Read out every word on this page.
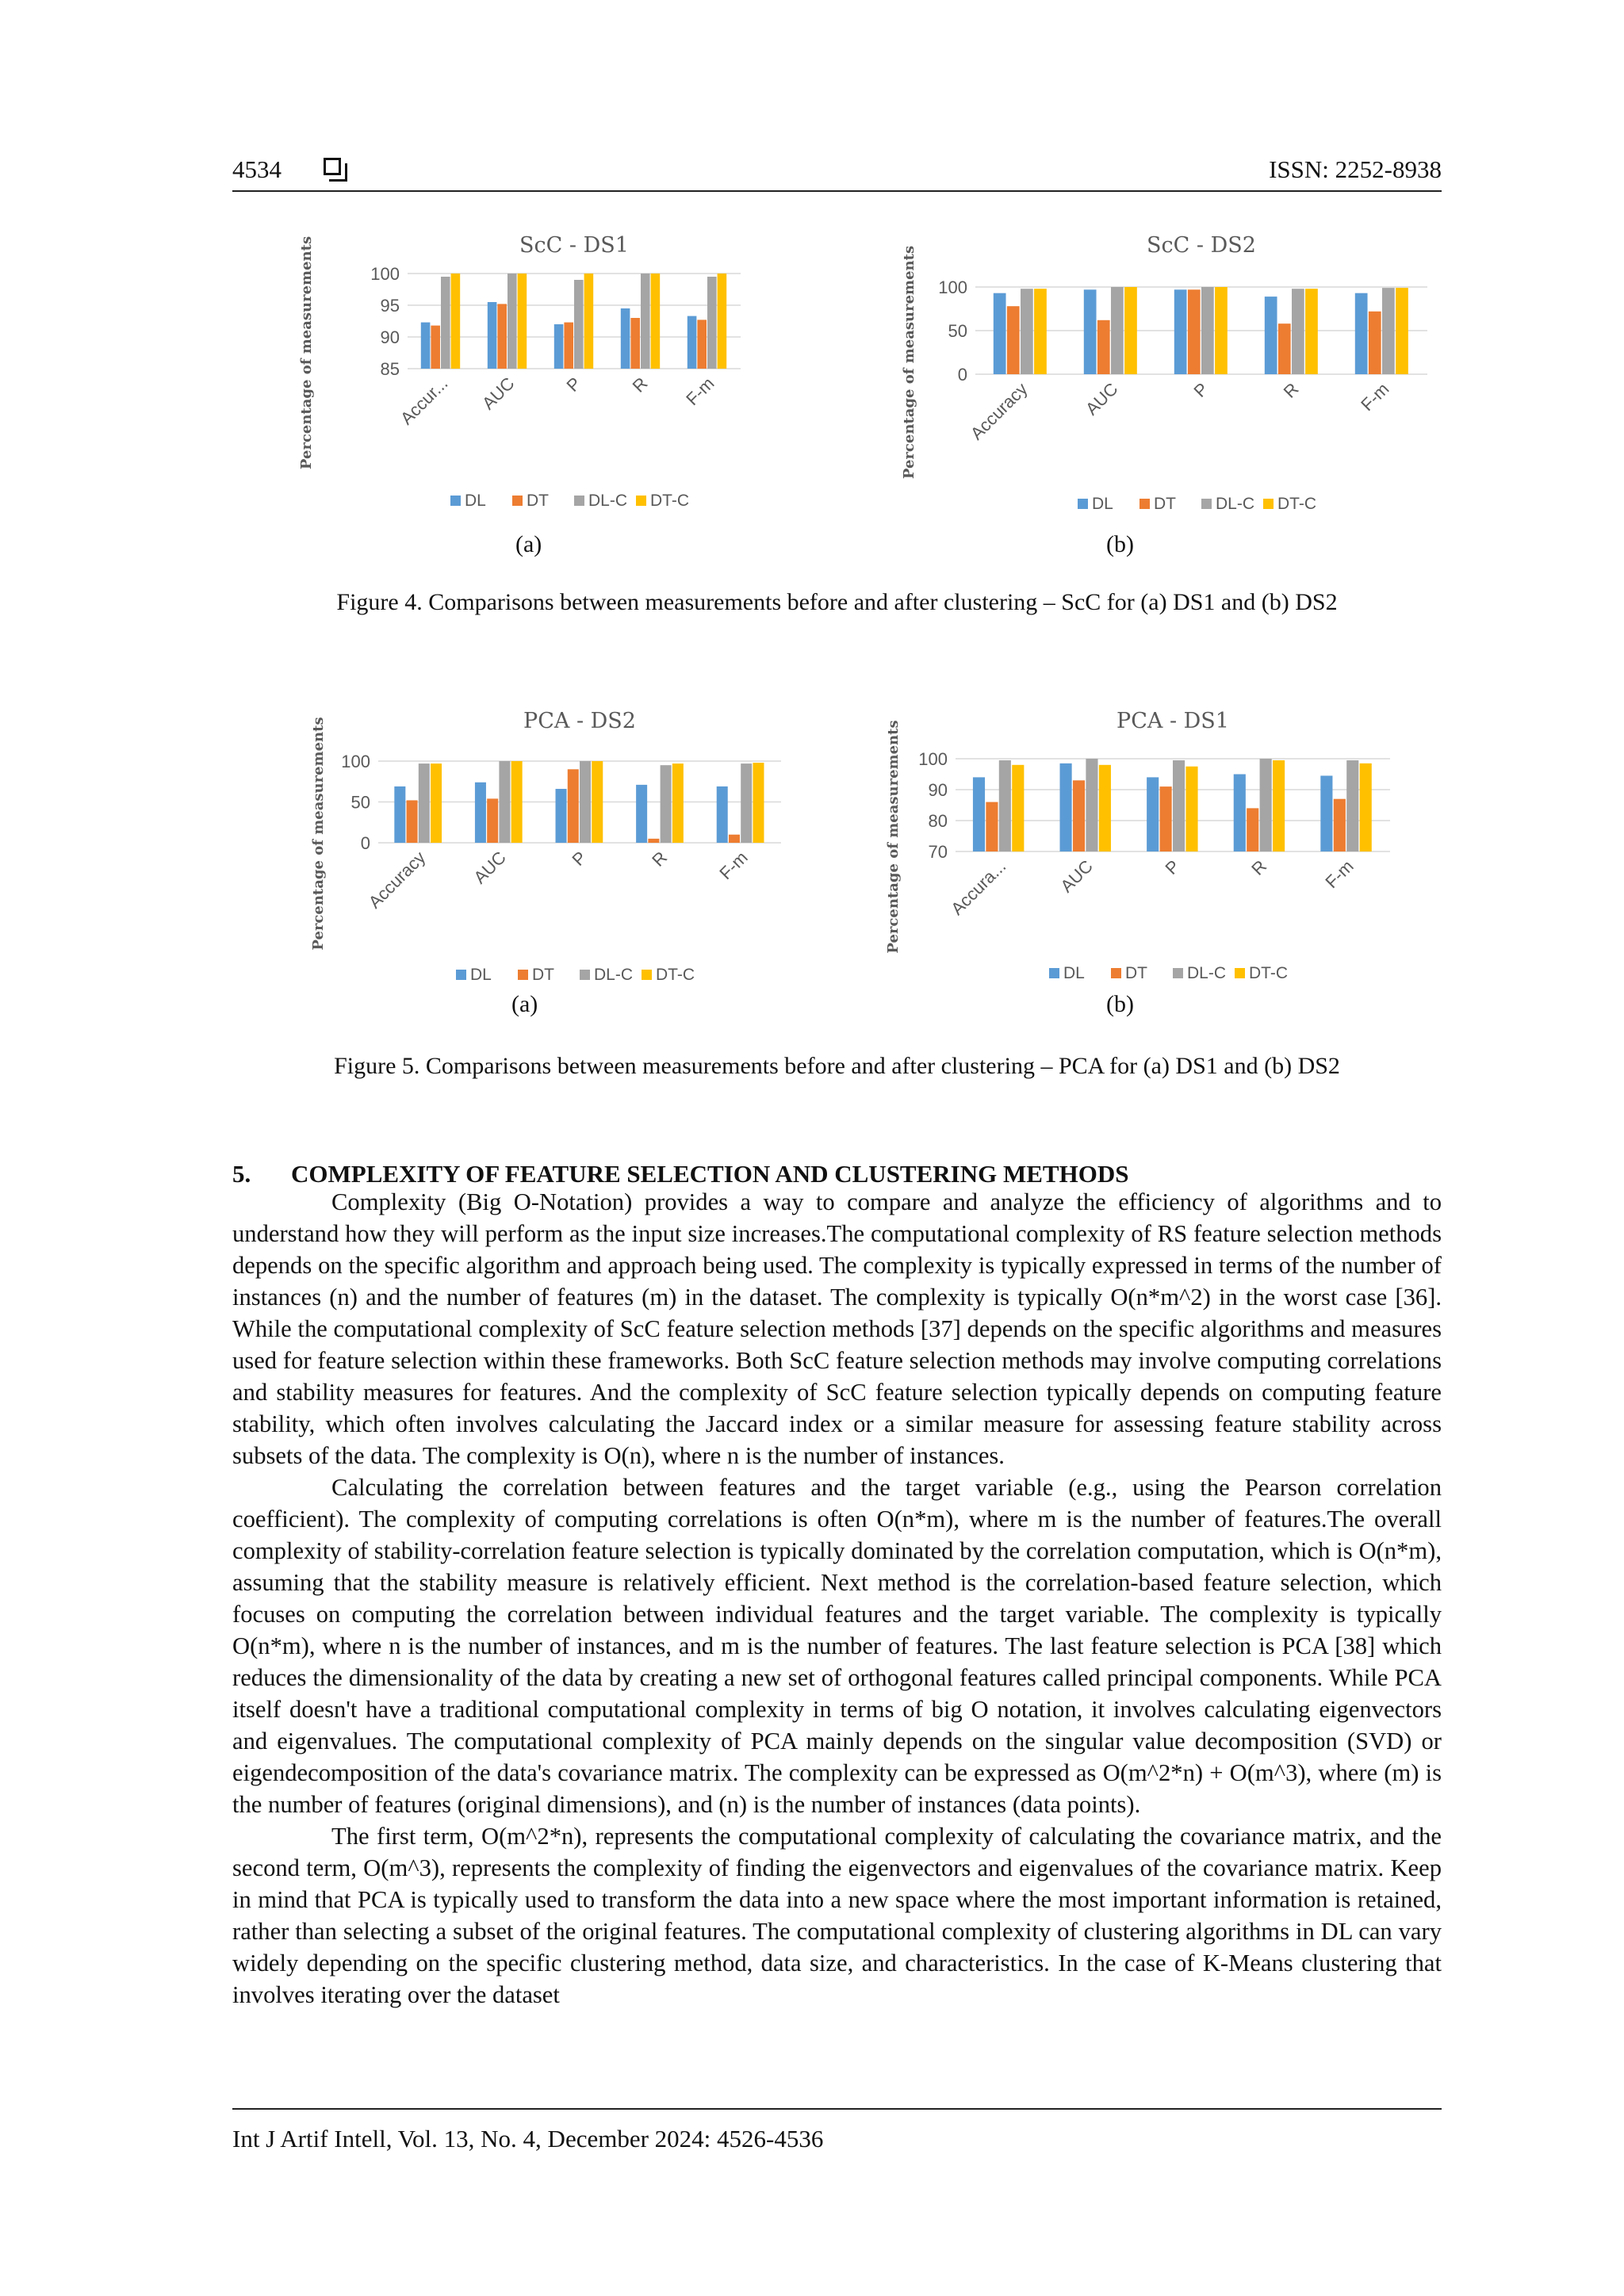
4534	ISSN: 2252-8938
ScC - DS1
Percentage of measurements	85
90
95
100
Accur... AUC	P	R F-m
DL DT DL-C DT-C
ScC - DS2
Percentage of measurements 0
50
100
Accuracy	AUC	P	R	F-m
DL DT DL-C DT-C
(a)	(b)
Figure 4. Comparisons between measurements before and after clustering – ScC for (a) DS1 and (b) DS2
PCA - DS2
Percentage of measurements 0
50
100
Accuracy AUC	P	R	F-m
DL DT DL-C DT-C
PCA - DS1
Percentage of measurements 70
80
90
100
Accura...	AUC	P	R	F-m
DL DT DL-C DT-C
(a)	(b)
Figure 5. Comparisons between measurements before and after clustering – PCA for (a) DS1 and (b) DS2
5. COMPLEXITY OF FEATURE SELECTION AND CLUSTERING METHODS

Complexity (Big O-Notation) provides a way to compare and analyze the efficiency of algorithms and to understand how they will perform as the input size increases.The computational complexity of RS feature selection methods depends on the specific algorithm and approach being used. The complexity is typically expressed in terms of the number of instances (n) and the number of features (m) in the dataset. The complexity is typically O(n*m^2) in the worst case [36]. While the computational complexity of ScC feature selection methods [37] depends on the specific algorithms and measures used for feature selection within these frameworks. Both ScC feature selection methods may involve computing correlations and stability measures for features. And the complexity of ScC feature selection typically depends on computing feature stability, which often involves calculating the Jaccard index or a similar measure for assessing feature stability across subsets of the data. The complexity is O(n), where n is the number of instances.

Calculating the correlation between features and the target variable (e.g., using the Pearson correlation coefficient). The complexity of computing correlations is often O(n*m), where m is the number of features.The overall complexity of stability-correlation feature selection is typically dominated by the correlation computation, which is O(n*m), assuming that the stability measure is relatively efficient. Next method is the correlation-based feature selection, which focuses on computing the correlation between individual features and the target variable. The complexity is typically O(n*m), where n is the number of instances, and m is the number of features. The last feature selection is PCA [38] which reduces the dimensionality of the data by creating a new set of orthogonal features called principal components. While PCA itself doesn't have a traditional computational complexity in terms of big O notation, it involves calculating eigenvectors and eigenvalues. The computational complexity of PCA mainly depends on the singular value decomposition (SVD) or eigendecomposition of the data's covariance matrix. The complexity can be expressed as O(m^2*n) + O(m^3), where (m) is the number of features (original dimensions), and (n) is the number of instances (data points).

The first term, O(m^2*n), represents the computational complexity of calculating the covariance matrix, and the second term, O(m^3), represents the complexity of finding the eigenvectors and eigenvalues of the covariance matrix. Keep in mind that PCA is typically used to transform the data into a new space where the most important information is retained, rather than selecting a subset of the original features. The computational complexity of clustering algorithms in DL can vary widely depending on the specific clustering method, data size, and characteristics. In the case of K-Means clustering that involves iterating over the dataset

Int J Artif Intell, Vol. 13, No. 4, December 2024: 4526-4536
